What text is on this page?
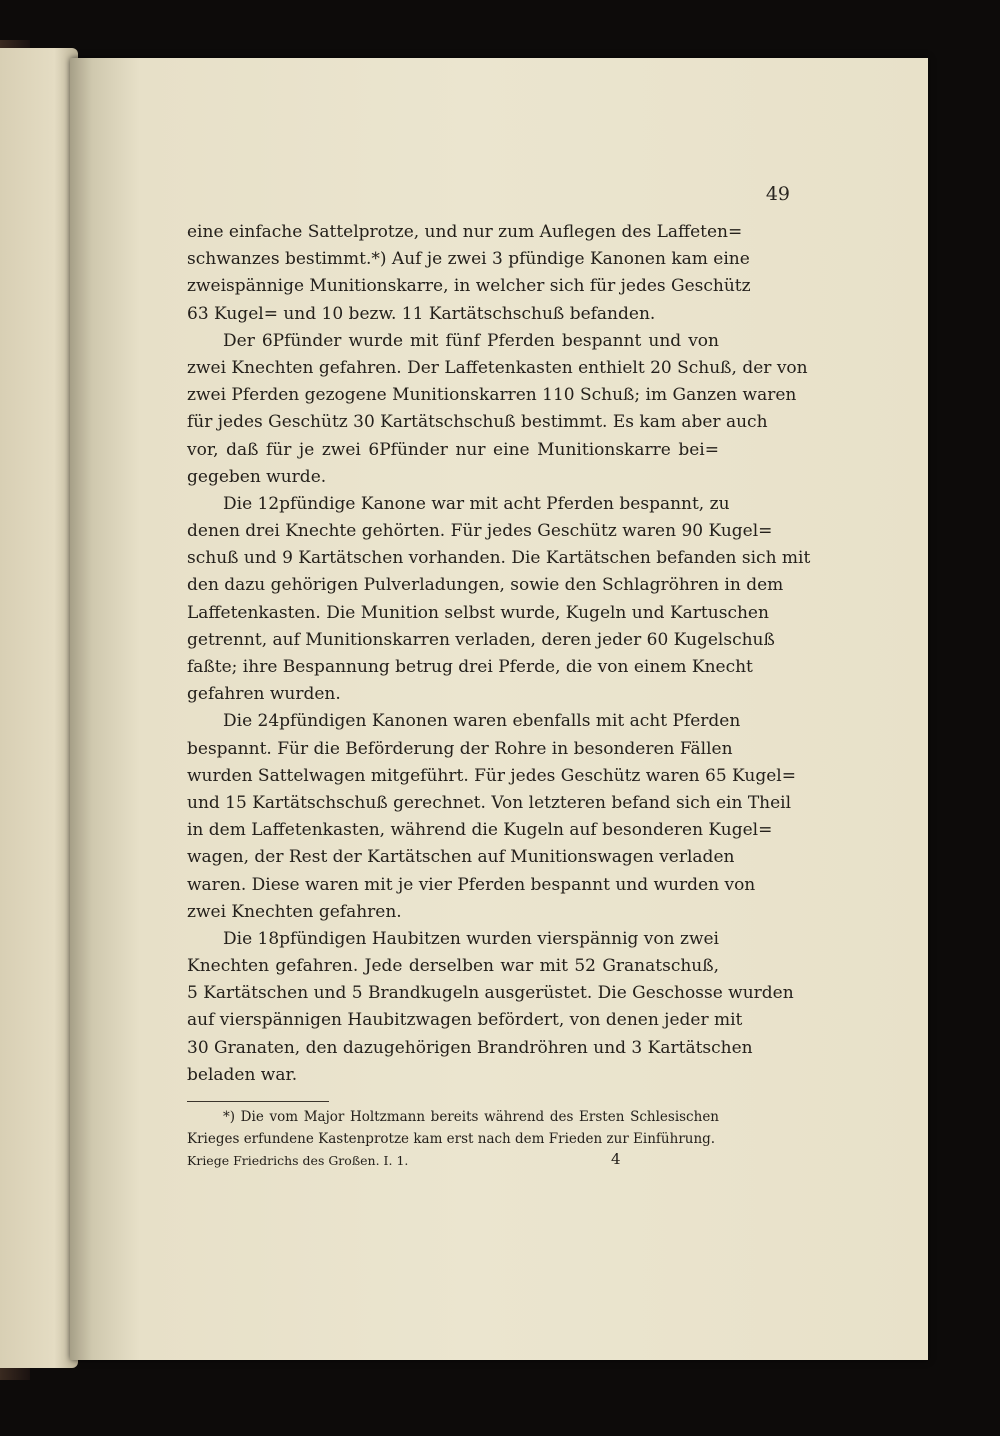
49
eine einfache Sattelprotze, und nur zum Auflegen des Laffeten=
schwanzes bestimmt.*) Auf je zwei 3 pfündige Kanonen kam eine
zweispännige Munitionskarre, in welcher sich für jedes Geschütz
63 Kugel= und 10 bezw. 11 Kartätschschuß befanden.
Der 6Pfünder wurde mit fünf Pferden bespannt und von
zwei Knechten gefahren. Der Laffetenkasten enthielt 20 Schuß, der von
zwei Pferden gezogene Munitionskarren 110 Schuß; im Ganzen waren
für jedes Geschütz 30 Kartätschschuß bestimmt. Es kam aber auch
vor, daß für je zwei 6Pfünder nur eine Munitionskarre bei=
gegeben wurde.
Die 12pfündige Kanone war mit acht Pferden bespannt, zu
denen drei Knechte gehörten. Für jedes Geschütz waren 90 Kugel=
schuß und 9 Kartätschen vorhanden. Die Kartätschen befanden sich mit
den dazu gehörigen Pulverladungen, sowie den Schlagröhren in dem
Laffetenkasten. Die Munition selbst wurde, Kugeln und Kartuschen
getrennt, auf Munitionskarren verladen, deren jeder 60 Kugelschuß
faßte; ihre Bespannung betrug drei Pferde, die von einem Knecht
gefahren wurden.
Die 24pfündigen Kanonen waren ebenfalls mit acht Pferden
bespannt. Für die Beförderung der Rohre in besonderen Fällen
wurden Sattelwagen mitgeführt. Für jedes Geschütz waren 65 Kugel=
und 15 Kartätschschuß gerechnet. Von letzteren befand sich ein Theil
in dem Laffetenkasten, während die Kugeln auf besonderen Kugel=
wagen, der Rest der Kartätschen auf Munitionswagen verladen
waren. Diese waren mit je vier Pferden bespannt und wurden von
zwei Knechten gefahren.
Die 18pfündigen Haubitzen wurden vierspännig von zwei
Knechten gefahren. Jede derselben war mit 52 Granatschuß,
5 Kartätschen und 5 Brandkugeln ausgerüstet. Die Geschosse wurden
auf vierspännigen Haubitzwagen befördert, von denen jeder mit
30 Granaten, den dazugehörigen Brandröhren und 3 Kartätschen
beladen war.
*) Die vom Major Holtzmann bereits während des Ersten Schlesischen
Krieges erfundene Kastenprotze kam erst nach dem Frieden zur Einführung.
Kriege Friedrichs des Großen. I. 1.	4
